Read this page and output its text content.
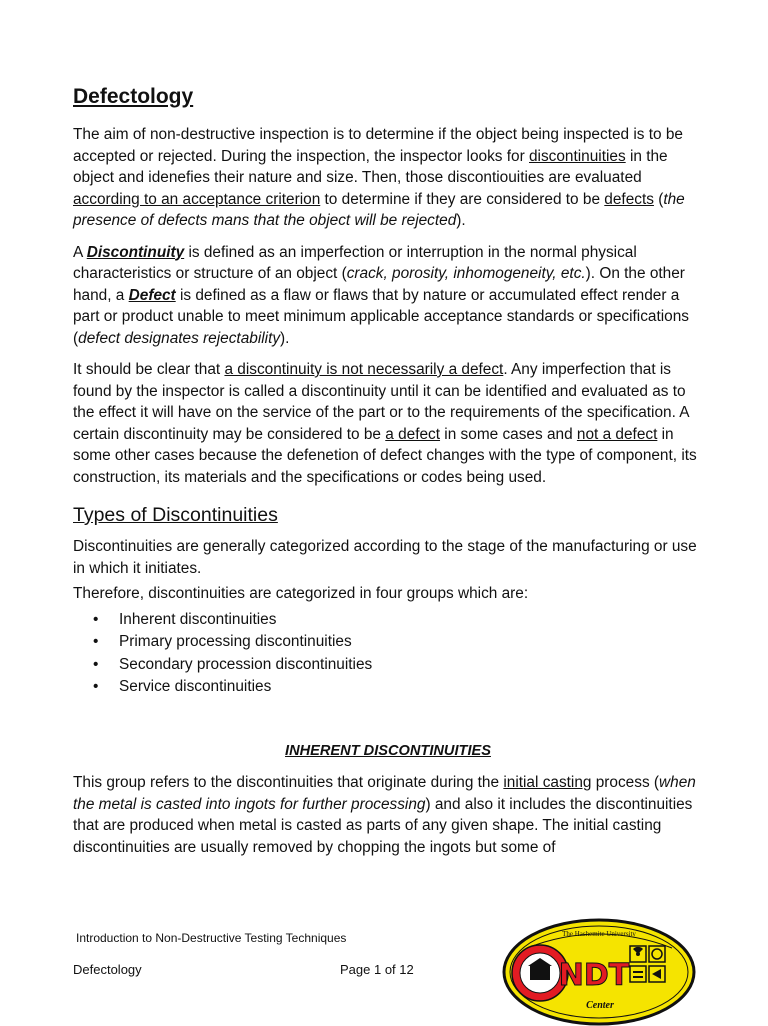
Defectology

The aim of non-destructive inspection is to determine if the object being inspected is to be accepted or rejected. During the inspection, the inspector looks for discontinuities in the object and idenefies their nature and size. Then, those discontiouities are evaluated according to an acceptance criterion to determine if they are considered to be defects (the presence of defects mans that the object will be rejected).

A Discontinuity is defined as an imperfection or interruption in the normal physical characteristics or structure of an object (crack, porosity, inhomogeneity, etc.). On the other hand, a Defect is defined as a flaw or flaws that by nature or accumulated effect render a part or product unable to meet minimum applicable acceptance standards or specifications (defect designates rejectability).

It should be clear that a discontinuity is not necessarily a defect. Any imperfection that is found by the inspector is called a discontinuity until it can be identified and evaluated as to the effect it will have on the service of the part or to the requirements of the specification. A certain discontinuity may be considered to be a defect in some cases and not a defect in some other cases because the defenetion of defect changes with the type of component, its construction, its materials and the specifications or codes being used.

Types of Discontinuities

Discontinuities are generally categorized according to the stage of the manufacturing or use in which it initiates.

Therefore, discontinuities are categorized in four groups which are:

• Inherent discontinuities
• Primary processing discontinuities
• Secondary procession discontinuities
• Service discontinuities
INHERENT DISCONTINUITIES

This group refers to the discontinuities that originate during the initial casting process (when the metal is casted into ingots for further processing) and also it includes the discontinuities that are produced when metal is casted as parts of any given shape. The initial casting discontinuities are usually removed by chopping the ingots but some of

Introduction to Non-Destructive Testing Techniques
Defectology	Page 1 of 12
The Hashemite University
NDT
Center
